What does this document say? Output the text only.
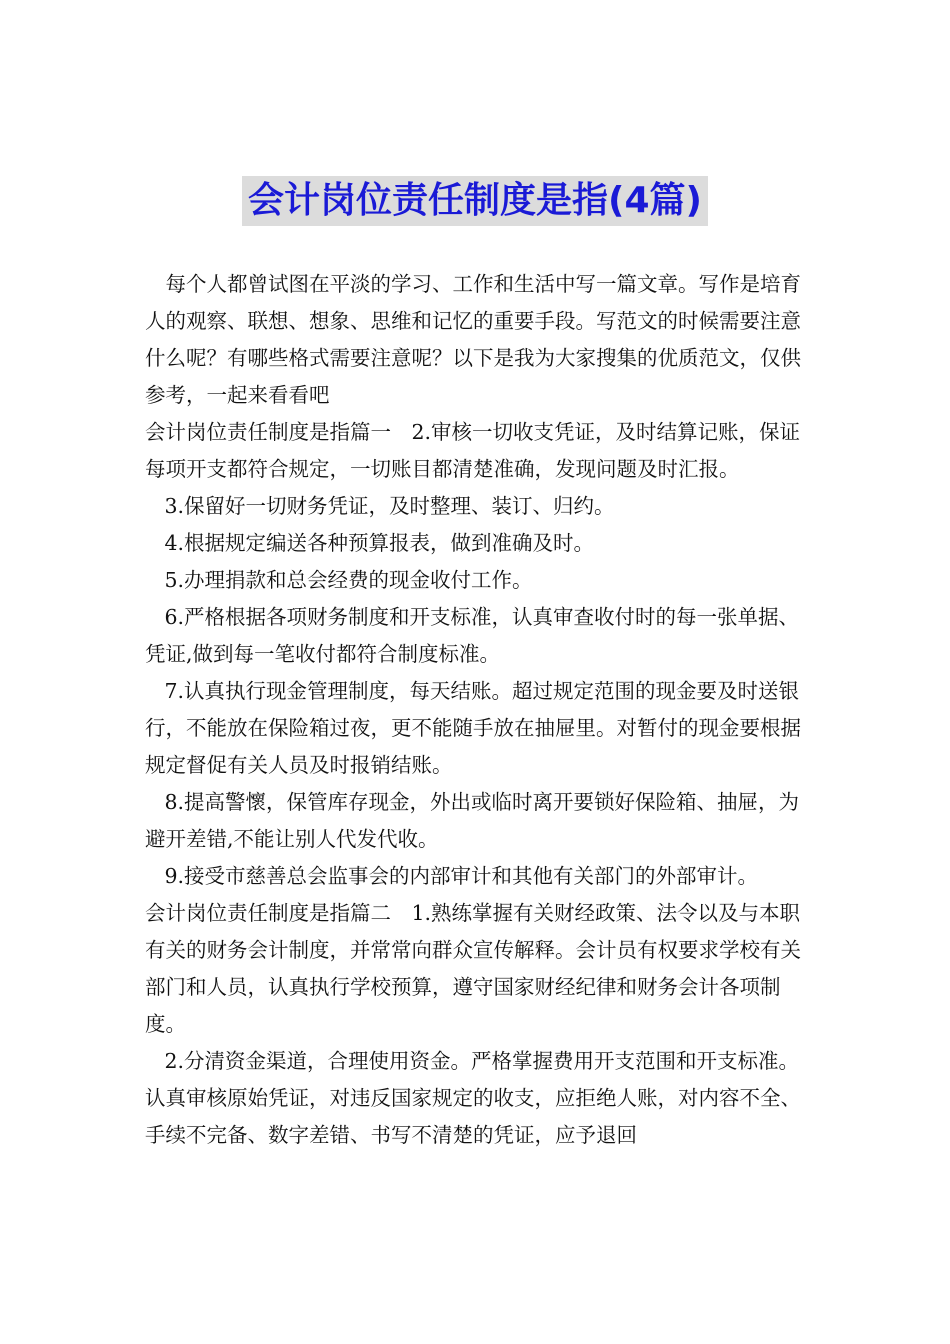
会计岗位责任制度是指(4篇)

每个人都曾试图在平淡的学习、工作和生活中写一篇文章。写作是培育人的观察、联想、想象、思维和记忆的重要手段。写范文的时候需要注意什么呢？有哪些格式需要注意呢？以下是我为大家搜集的优质范文，仅供参考，一起来看看吧

会计岗位责任制度是指篇一　2.审核一切收支凭证，及时结算记账，保证每项开支都符合规定，一切账目都清楚准确，发现问题及时汇报。

3.保留好一切财务凭证，及时整理、装订、归约。

4.根据规定编送各种预算报表，做到准确及时。

5.办理捐款和总会经费的现金收付工作。

6.严格根据各项财务制度和开支标准，认真审查收付时的每一张单据、凭证,做到每一笔收付都符合制度标准。

7.认真执行现金管理制度，每天结账。超过规定范围的现金要及时送银行，不能放在保险箱过夜，更不能随手放在抽屉里。对暂付的现金要根据规定督促有关人员及时报销结账。

8.提高警懷，保管库存现金，外出或临时离开要锁好保险箱、抽屉，为避开差错,不能让别人代发代收。

9.接受市慈善总会监事会的内部审计和其他有关部门的外部审计。

会计岗位责任制度是指篇二　1.熟练掌握有关财经政策、法令以及与本职有关的财务会计制度，并常常向群众宣传解释。会计员有权要求学校有关部门和人员，认真执行学校预算，遵守国家财经纪律和财务会计各项制度。

2.分清资金渠道，合理使用资金。严格掌握费用开支范围和开支标准。认真审核原始凭证，对违反国家规定的收支，应拒绝人账，对内容不全、手续不完备、数字差错、书写不清楚的凭证，应予退回
